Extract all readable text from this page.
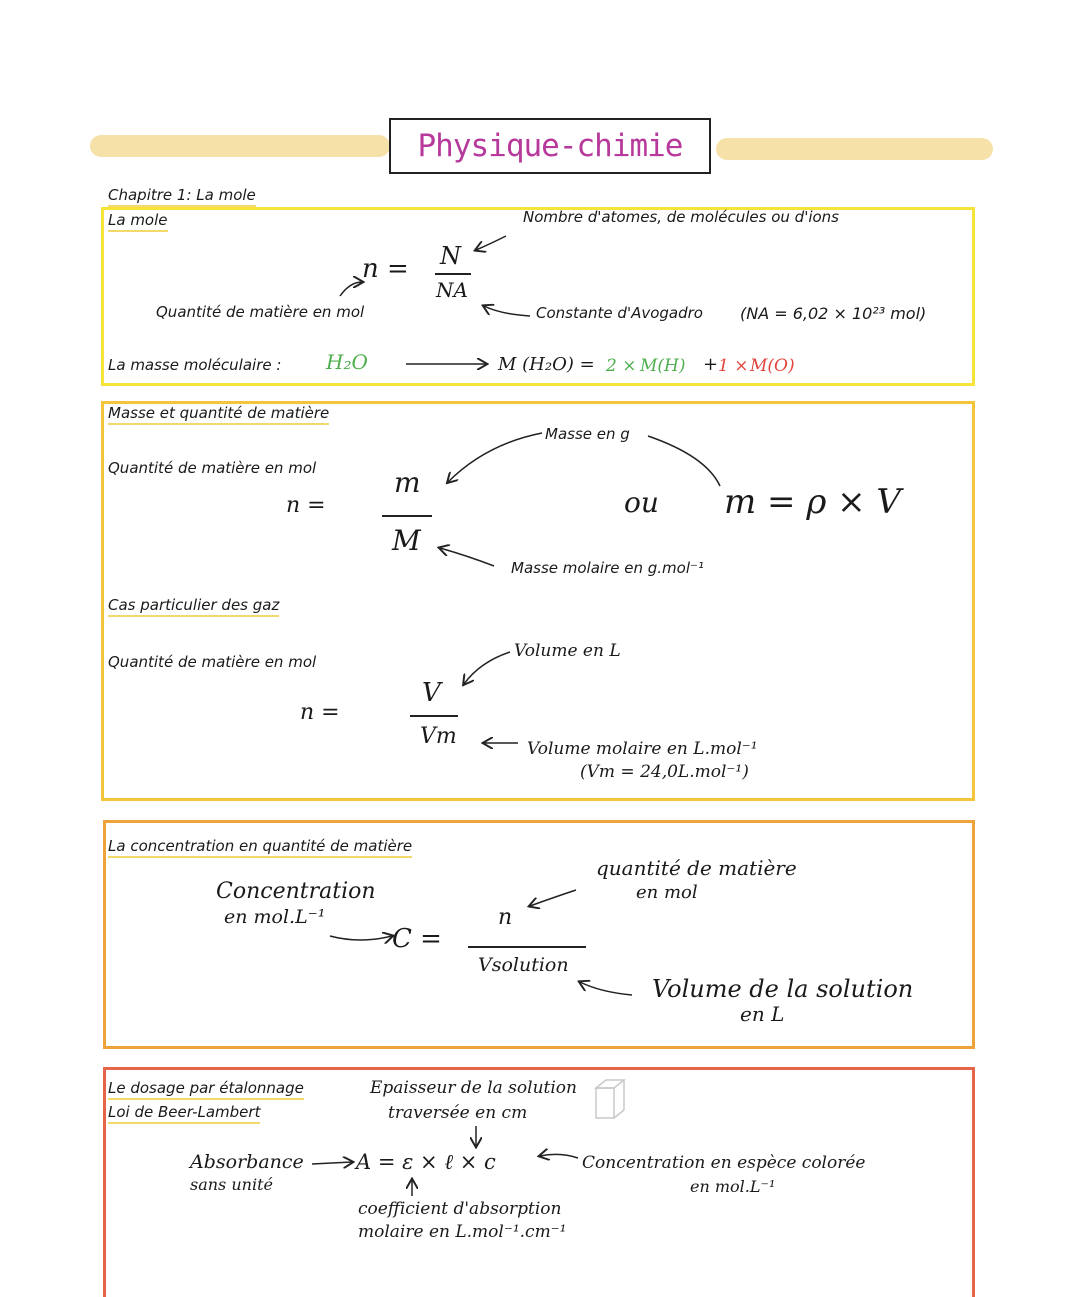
Physique-chimie
Chapitre 1: La mole
La mole	Nombre d'atomes, de molécules ou d'ions
n = N
NA
Quantité de matière en mol	Constante d'Avogadro (NA = 6,02 × 10²³ mol)
La masse moléculaire : H₂O	M (H₂O) = 2 × M(H) + 1 × M(O)
Masse et quantité de matière
Quantité de matière en mol
n =
m
M
Masse en g
ou m = ρ × V
Masse molaire en g.mol⁻¹
Cas particulier des gaz
Quantité de matière en mol
n =
V
Vm
Volume en L
Volume molaire en L.mol⁻¹
(Vm = 24,0L.mol⁻¹)
La concentration en quantité de matière
Concentration
en mol.L⁻¹
C =
n
Vsolution
quantité de matière
en mol
Volume de la solution
en L
Le dosage par étalonnage
Loi de Beer-Lambert
Epaisseur de la solution
traversée en cm
Absorbance
sans unité
A = ε × ℓ × c	Concentration en espèce colorée
en mol.L⁻¹
coefficient d'absorption
molaire en L.mol⁻¹.cm⁻¹
